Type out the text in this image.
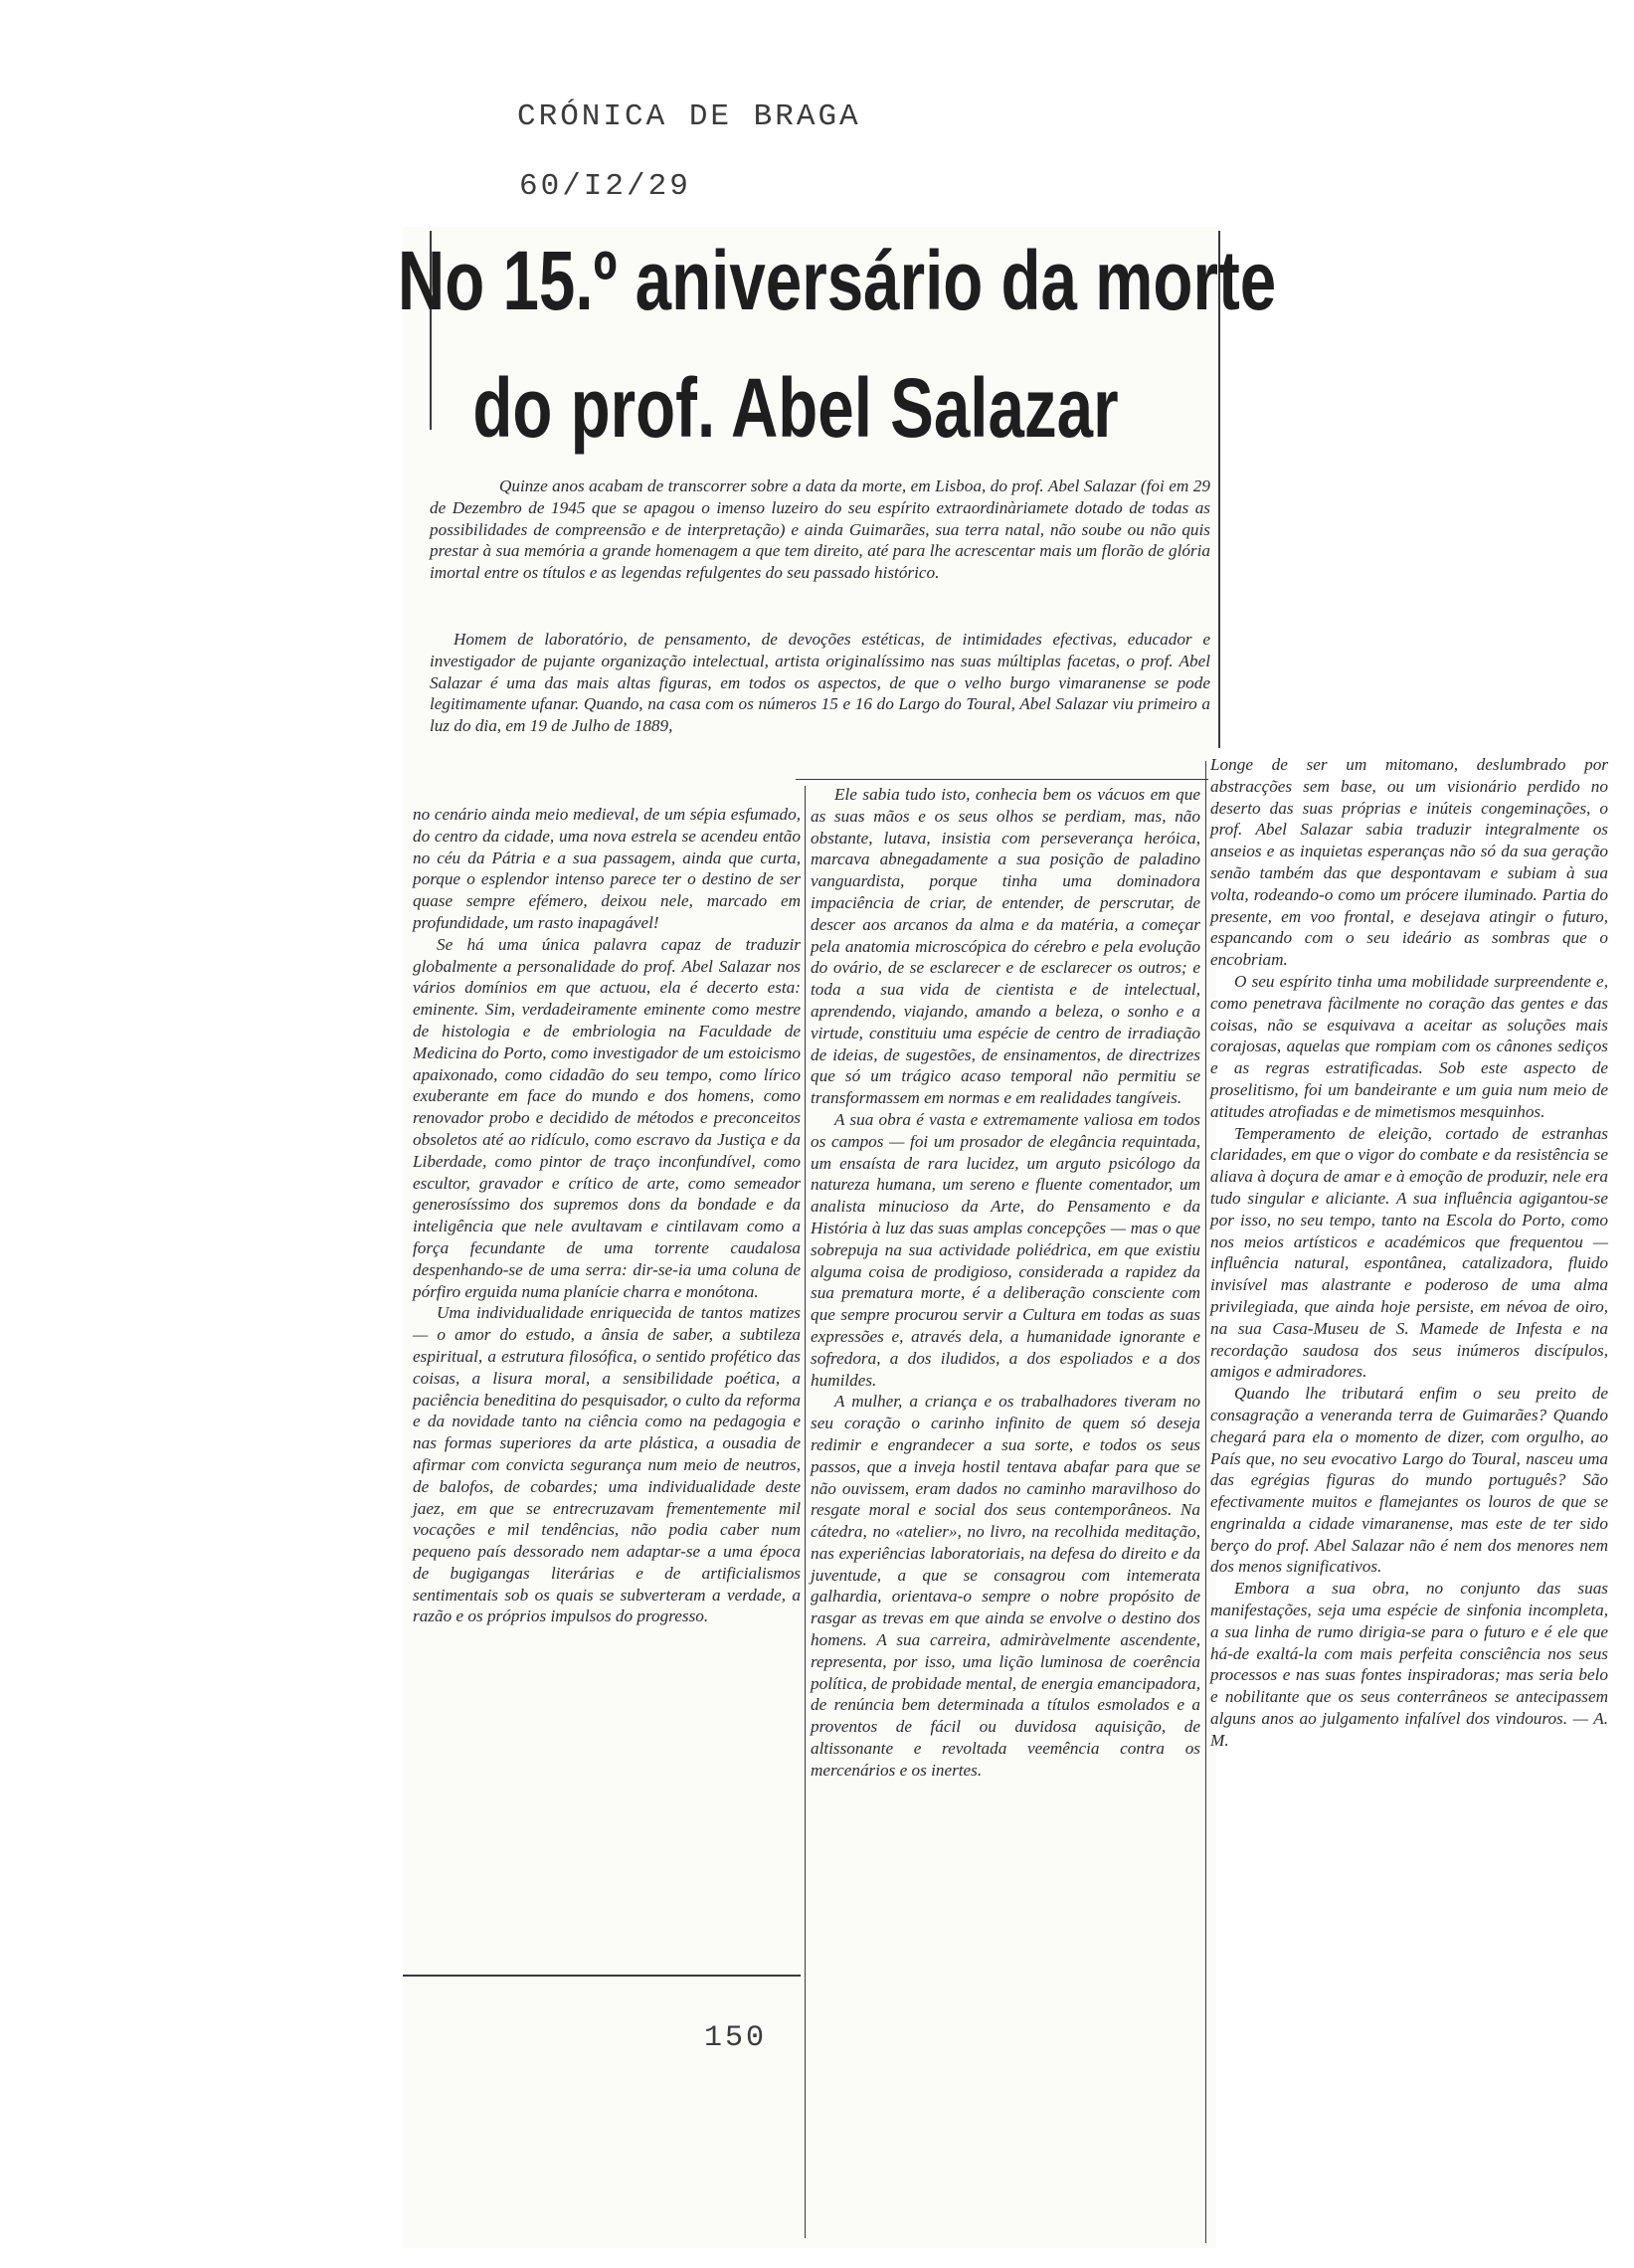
CRÓNICA DE BRAGA
60/I2/29
No 15.º aniversário da morte
do prof. Abel Salazar

Quinze anos acabam de transcorrer sobre a data da morte, em Lisboa, do prof. Abel Salazar (foi em 29 de Dezembro de 1945 que se apagou o imenso luzeiro do seu espírito extraordinàriamete dotado de todas as possibilidades de compreensão e de interpretação) e ainda Guimarães, sua terra natal, não soube ou não quis prestar à sua memória a grande homenagem a que tem direito, até para lhe acrescentar mais um florão de glória imortal entre os títulos e as legendas refulgentes do seu passado histórico.

Homem de laboratório, de pensamento, de devoções estéticas, de intimidades efectivas, educador e investigador de pujante organização intelectual, artista originalíssimo nas suas múltiplas facetas, o prof. Abel Salazar é uma das mais altas figuras, em todos os aspectos, de que o velho burgo vimaranense se pode legitimamente ufanar. Quando, na casa com os números 15 e 16 do Largo do Toural, Abel Salazar viu primeiro a luz do dia, em 19 de Julho de 1889,

no cenário ainda meio medieval, de um sépia esfumado, do centro da cidade, uma nova estrela se acendeu então no céu da Pátria e a sua passagem, ainda que curta, porque o esplendor intenso parece ter o destino de ser quase sempre efémero, deixou nele, marcado em profundidade, um rasto inapagável!

Se há uma única palavra capaz de traduzir globalmente a personalidade do prof. Abel Salazar nos vários domínios em que actuou, ela é decerto esta: eminente. Sim, verdadeiramente eminente como mestre de histologia e de embriologia na Faculdade de Medicina do Porto, como investigador de um estoicismo apaixonado, como cidadão do seu tempo, como lírico exuberante em face do mundo e dos homens, como renovador probo e decidido de métodos e preconceitos obsoletos até ao ridículo, como escravo da Justiça e da Liberdade, como pintor de traço inconfundível, como escultor, gravador e crítico de arte, como semeador generosíssimo dos supremos dons da bondade e da inteligência que nele avultavam e cintilavam como a força fecundante de uma torrente caudalosa despenhando-se de uma serra: dir-se-ia uma coluna de pórfiro erguida numa planície charra e monótona.

Uma individualidade enriquecida de tantos matizes — o amor do estudo, a ânsia de saber, a subtileza espiritual, a estrutura filosófica, o sentido profético das coisas, a lisura moral, a sensibilidade poética, a paciência beneditina do pesquisador, o culto da reforma e da novidade tanto na ciência como na pedagogia e nas formas superiores da arte plástica, a ousadia de afirmar com convicta segurança num meio de neutros, de balofos, de cobardes; uma individualidade deste jaez, em que se entrecruzavam frementemente mil vocações e mil tendências, não podia caber num pequeno país dessorado nem adaptar-se a uma época de bugigangas literárias e de artificialismos sentimentais sob os quais se subverteram a verdade, a razão e os próprios impulsos do progresso.

Ele sabia tudo isto, conhecia bem os vácuos em que as suas mãos e os seus olhos se perdiam, mas, não obstante, lutava, insistia com perseverança heróica, marcava abnegadamente a sua posição de paladino vanguardista, porque tinha uma dominadora impaciência de criar, de entender, de perscrutar, de descer aos arcanos da alma e da matéria, a começar pela anatomia microscópica do cérebro e pela evolução do ovário, de se esclarecer e de esclarecer os outros; e toda a sua vida de cientista e de intelectual, aprendendo, viajando, amando a beleza, o sonho e a virtude, constituiu uma espécie de centro de irradiação de ideias, de sugestões, de ensinamentos, de directrizes que só um trágico acaso temporal não permitiu se transformassem em normas e em realidades tangíveis.

A sua obra é vasta e extremamente valiosa em todos os campos — foi um prosador de elegância requintada, um ensaísta de rara lucidez, um arguto psicólogo da natureza humana, um sereno e fluente comentador, um analista minucioso da Arte, do Pensamento e da História à luz das suas amplas concepções — mas o que sobrepuja na sua actividade poliédrica, em que existiu alguma coisa de prodigioso, considerada a rapidez da sua prematura morte, é a deliberação consciente com que sempre procurou servir a Cultura em todas as suas expressões e, através dela, a humanidade ignorante e sofredora, a dos iludidos, a dos espoliados e a dos humildes.

A mulher, a criança e os trabalhadores tiveram no seu coração o carinho infinito de quem só deseja redimir e engrandecer a sua sorte, e todos os seus passos, que a inveja hostil tentava abafar para que se não ouvissem, eram dados no caminho maravilhoso do resgate moral e social dos seus contemporâneos. Na cátedra, no «atelier», no livro, na recolhida meditação, nas experiências laboratoriais, na defesa do direito e da juventude, a que se consagrou com intemerata galhardia, orientava-o sempre o nobre propósito de rasgar as trevas em que ainda se envolve o destino dos homens. A sua carreira, admiràvelmente ascendente, representa, por isso, uma lição luminosa de coerência política, de probidade mental, de energia emancipadora, de renúncia bem determinada a títulos esmolados e a proventos de fácil ou duvidosa aquisição, de altissonante e revoltada veemência contra os mercenários e os inertes.

Longe de ser um mitomano, deslumbrado por abstracções sem base, ou um visionário perdido no deserto das suas próprias e inúteis congeminações, o prof. Abel Salazar sabia traduzir integralmente os anseios e as inquietas esperanças não só da sua geração senão também das que despontavam e subiam à sua volta, rodeando-o como um prócere iluminado. Partia do presente, em voo frontal, e desejava atingir o futuro, espancando com o seu ideário as sombras que o encobriam.

O seu espírito tinha uma mobilidade surpreendente e, como penetrava fàcilmente no coração das gentes e das coisas, não se esquivava a aceitar as soluções mais corajosas, aquelas que rompiam com os cânones sediços e as regras estratificadas. Sob este aspecto de proselitismo, foi um bandeirante e um guia num meio de atitudes atrofiadas e de mimetismos mesquinhos.

Temperamento de eleição, cortado de estranhas claridades, em que o vigor do combate e da resistência se aliava à doçura de amar e à emoção de produzir, nele era tudo singular e aliciante. A sua influência agigantou-se por isso, no seu tempo, tanto na Escola do Porto, como nos meios artísticos e académicos que frequentou — influência natural, espontânea, catalizadora, fluido invisível mas alastrante e poderoso de uma alma privilegiada, que ainda hoje persiste, em névoa de oiro, na sua Casa-Museu de S. Mamede de Infesta e na recordação saudosa dos seus inúmeros discípulos, amigos e admiradores.

Quando lhe tributará enfim o seu preito de consagração a veneranda terra de Guimarães? Quando chegará para ela o momento de dizer, com orgulho, ao País que, no seu evocativo Largo do Toural, nasceu uma das egrégias figuras do mundo português? São efectivamente muitos e flamejantes os louros de que se engrinalda a cidade vimaranense, mas este de ter sido berço do prof. Abel Salazar não é nem dos menores nem dos menos significativos.

Embora a sua obra, no conjunto das suas manifestações, seja uma espécie de sinfonia incompleta, a sua linha de rumo dirigia-se para o futuro e é ele que há-de exaltá-la com mais perfeita consciência nos seus processos e nas suas fontes inspiradoras; mas seria belo e nobilitante que os seus conterrâneos se antecipassem alguns anos ao julgamento infalível dos vindouros. — A. M.

150
